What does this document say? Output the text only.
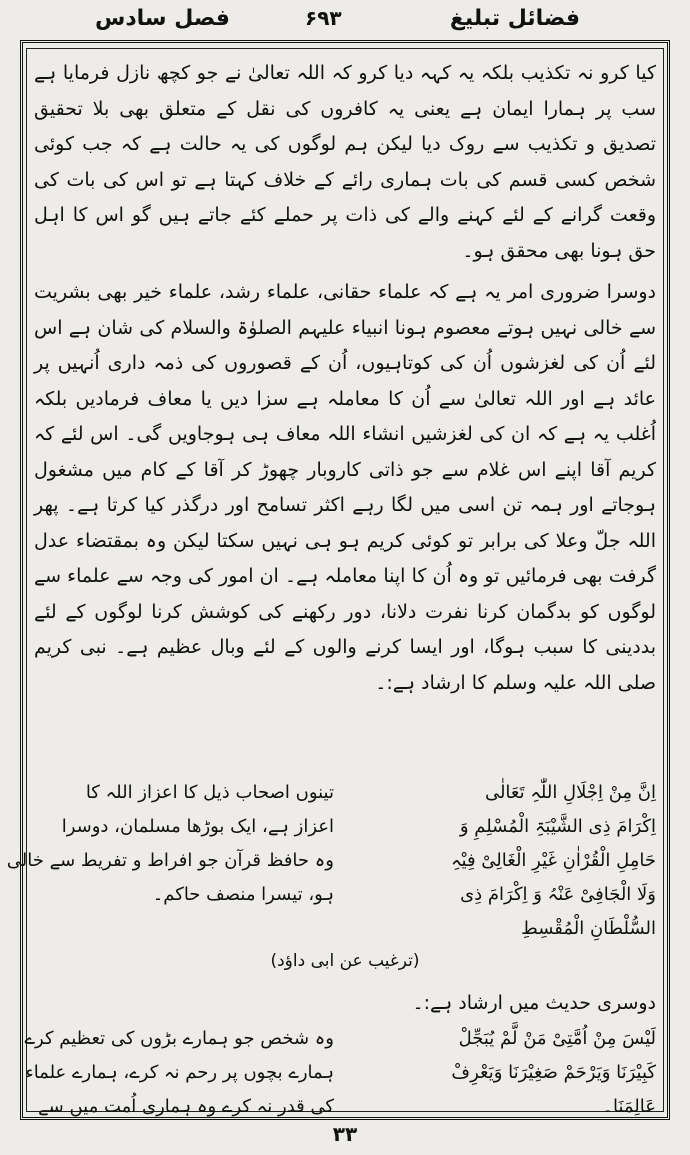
فضائل تبلیغ
۶۹۳
فصل سادس

کیا کرو نہ تکذیب بلکہ یہ کہہ دیا کرو کہ اللہ تعالیٰ نے جو کچھ نازل فرمایا ہے سب پر ہمارا ایمان ہے یعنی یہ کافروں کی نقل کے متعلق بھی بلا تحقیق تصدیق و تکذیب سے روک دیا لیکن ہم لوگوں کی یہ حالت ہے کہ جب کوئی شخص کسی قسم کی بات ہماری رائے کے خلاف کہتا ہے تو اس کی بات کی وقعت گرانے کے لئے کہنے والے کی ذات پر حملے کئے جاتے ہیں گو اس کا اہل حق ہونا بھی محقق ہو۔

دوسرا ضروری امر یہ ہے کہ علماء حقانی، علماء رشد، علماء خیر بھی بشریت سے خالی نہیں ہوتے معصوم ہونا انبیاء علیہم الصلوٰۃ والسلام کی شان ہے اس لئے اُن کی لغزشوں اُن کی کوتاہیوں، اُن کے قصوروں کی ذمہ داری اُنہیں پر عائد ہے اور اللہ تعالیٰ سے اُن کا معاملہ ہے سزا دیں یا معاف فرمادیں بلکہ اُغلب یہ ہے کہ ان کی لغزشیں انشاء اللہ معاف ہی ہوجاویں گی۔ اس لئے کہ کریم آقا اپنے اس غلام سے جو ذاتی کاروبار چھوڑ کر آقا کے کام میں مشغول ہوجاتے اور ہمہ تن اسی میں لگا رہے اکثر تسامح اور درگذر کیا کرتا ہے۔ پھر اللہ جلّ وعلا کی برابر تو کوئی کریم ہو ہی نہیں سکتا لیکن وہ بمقتضاء عدل گرفت بھی فرمائیں تو وہ اُن کا اپنا معاملہ ہے۔ ان امور کی وجہ سے علماء سے لوگوں کو بدگمان کرنا نفرت دلانا، دور رکھنے کی کوشش کرنا لوگوں کے لئے بددینی کا سبب ہوگا، اور ایسا کرنے والوں کے لئے وبال عظیم ہے۔ نبی کریم صلی اللہ علیہ وسلم کا ارشاد ہے:۔

اِنَّ مِنْ اِجْلَالِ اللّٰہِ تَعَالٰی
اِکْرَامَ ذِی الشَّیْبَۃِ الْمُسْلِمِ وَ
حَامِلِ الْقُرْاٰنِ غَیْرِ الْغَالِیْ فِیْہِ
وَلَا الْجَافِیْ عَنْہُ وَ اِکْرَامَ ذِی
السُّلْطَانِ الْمُقْسِطِ
تینوں اصحاب ذیل کا اعزاز اللہ کا
اعزاز ہے، ایک بوڑھا مسلمان، دوسرا
وہ حافظ قرآن جو افراط و تفریط سے خالی
ہو، تیسرا منصف حاکم۔
(ترغیب عن ابی داؤد)
دوسری حدیث میں ارشاد ہے:۔
لَیْسَ مِنْ اُمَّتِیْ مَنْ لَّمْ یُبَجِّلْ
کَبِیْرَنَا وَیَرْحَمْ صَغِیْرَنَا وَیَعْرِفْ
عَالِمَنَا۔
وہ شخص جو ہمارے بڑوں کی تعظیم کرے
ہمارے بچوں پر رحم نہ کرے، ہمارے علماء
کی قدر نہ کرے وہ ہماری اُمت میں سے
۳۳
